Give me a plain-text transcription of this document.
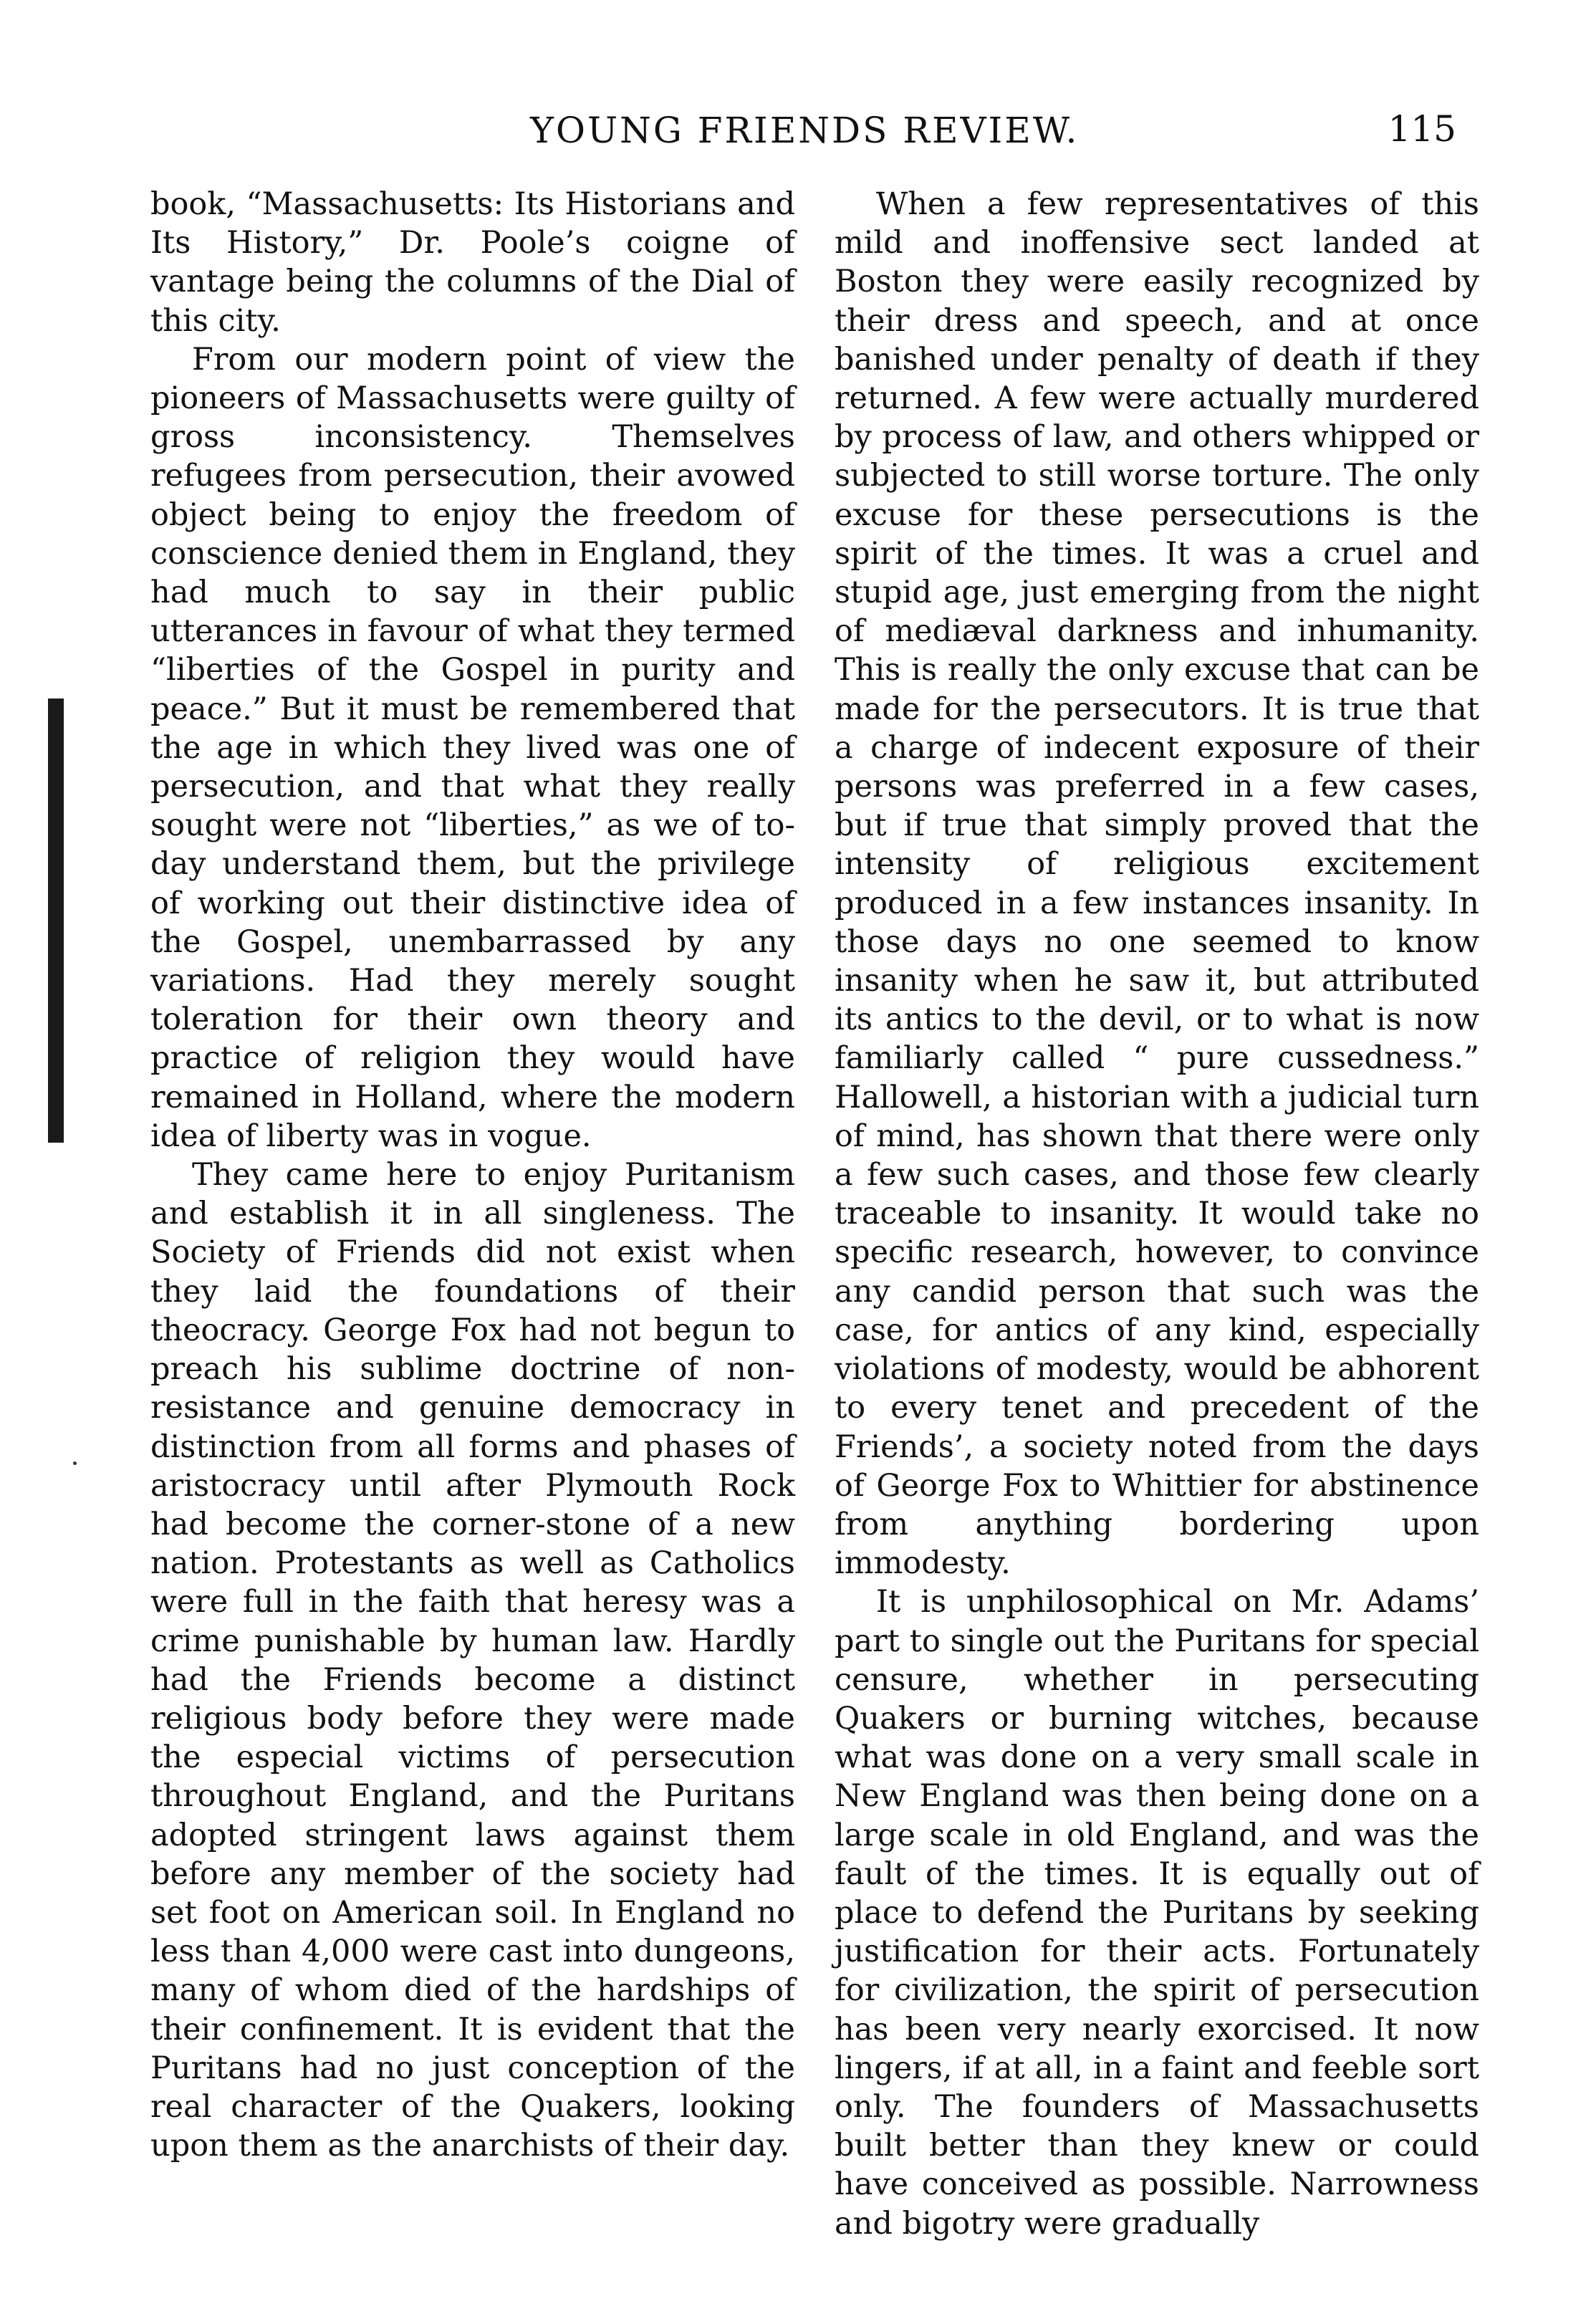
YOUNG FRIENDS REVIEW.	115

book, “Massachusetts: Its Historians and Its History,” Dr. Poole’s coigne of vantage being the columns of the Dial of this city.

From our modern point of view the pioneers of Massachusetts were guilty of gross inconsistency. Themselves refugees from persecution, their avowed object being to enjoy the freedom of conscience denied them in England, they had much to say in their public utterances in favour of what they termed “liberties of the Gospel in purity and peace.” But it must be remembered that the age in which they lived was one of persecution, and that what they really sought were not “liberties,” as we of to-day understand them, but the privilege of working out their distinctive idea of the Gospel, unembarrassed by any variations. Had they merely sought toleration for their own theory and practice of religion they would have remained in Holland, where the modern idea of liberty was in vogue.

They came here to enjoy Puritanism and establish it in all singleness. The Society of Friends did not exist when they laid the foundations of their theocracy. George Fox had not begun to preach his sublime doctrine of non-resistance and genuine democracy in distinction from all forms and phases of aristocracy until after Plymouth Rock had become the corner-stone of a new nation. Protestants as well as Catholics were full in the faith that heresy was a crime punishable by human law. Hardly had the Friends become a distinct religious body before they were made the especial victims of persecution throughout England, and the Puritans adopted stringent laws against them before any member of the society had set foot on American soil. In England no less than 4,000 were cast into dungeons, many of whom died of the hardships of their confinement. It is evident that the Puritans had no just conception of the real character of the Quakers, looking upon them as the anarchists of their day.

When a few representatives of this mild and inoffensive sect landed at Boston they were easily recognized by their dress and speech, and at once banished under penalty of death if they returned. A few were actually murdered by process of law, and others whipped or subjected to still worse torture. The only excuse for these persecutions is the spirit of the times. It was a cruel and stupid age, just emerging from the night of mediæval darkness and inhumanity. This is really the only excuse that can be made for the persecutors. It is true that a charge of indecent exposure of their persons was preferred in a few cases, but if true that simply proved that the intensity of religious excitement produced in a few instances insanity. In those days no one seemed to know insanity when he saw it, but attributed its antics to the devil, or to what is now familiarly called “ pure cussedness.” Hallowell, a historian with a judicial turn of mind, has shown that there were only a few such cases, and those few clearly traceable to insanity. It would take no specific research, however, to convince any candid person that such was the case, for antics of any kind, especially violations of modesty, would be abhorent to every tenet and precedent of the Friends’, a society noted from the days of George Fox to Whittier for abstinence from anything bordering upon immodesty.

It is unphilosophical on Mr. Adams’ part to single out the Puritans for special censure, whether in persecuting Quakers or burning witches, because what was done on a very small scale in New England was then being done on a large scale in old England, and was the fault of the times. It is equally out of place to defend the Puritans by seeking justification for their acts. Fortunately for civilization, the spirit of persecution has been very nearly exorcised. It now lingers, if at all, in a faint and feeble sort only. The founders of Massachusetts built better than they knew or could have conceived as possible. Narrowness and bigotry were gradually
